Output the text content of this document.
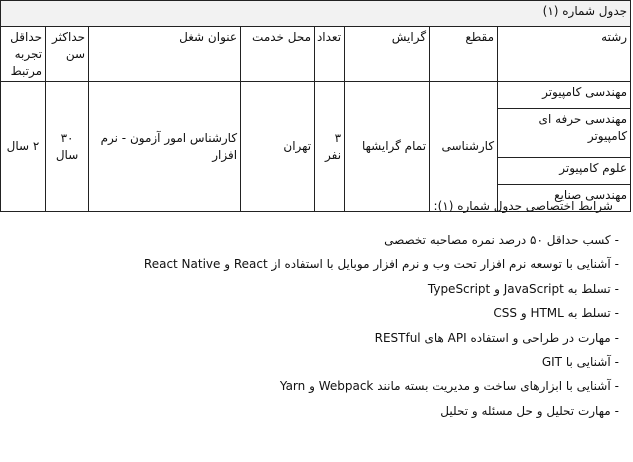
جدول شماره (۱)							
رشته	مقطع	گرایش	تعداد	محل خدمت	عنوان شغل	حداکثر سن	حداقل تجربه مرتبط
مهندسی کامپیوتر	کارشناسی	تمام گرایشها	۳ نفر	تهران	کارشناس امور آزمون - نرم افزار	۳۰ سال	۲ سال
مهندسی حرفه ای کامپیوتر							
علوم کامپیوتر							
مهندسی صنایع							
شرایط اختصاصی جدول شماره (۱):
-کسب حداقل ۵۰ درصد نمره مصاحبه تخصصی
-آشنایی با توسعه نرم افزار تحت وب و نرم افزار موبایل با استفاده از React و React Native
-تسلط به JavaScript و TypeScript
-تسلط به HTML و CSS
-مهارت در طراحی و استفاده API های RESTful
-آشنایی با GIT
-آشنایی با ابزارهای ساخت و مدیریت بسته مانند Webpack و Yarn
-مهارت تحلیل و حل مسئله و تحلیل
